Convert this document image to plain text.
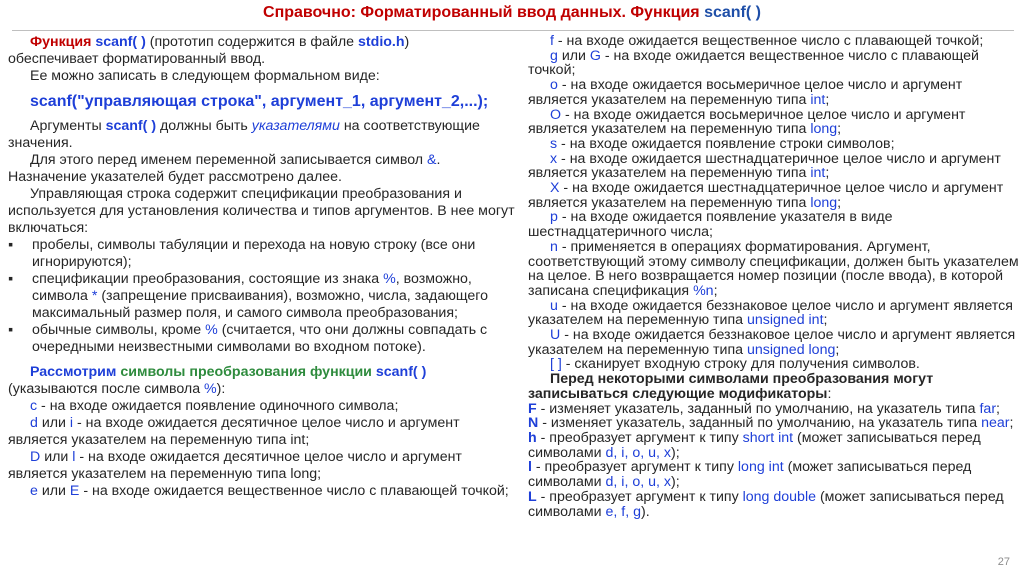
Справочно: Форматированный ввод данных. Функция scanf( )

Функция scanf( ) (прототип содержится в файле stdio.h)
обеспечивает форматированный ввод.

Ее можно записать в следующем формальном виде:

scanf("управляющая строка", аргумент_1, аргумент_2,...);

Аргументы scanf( ) должны быть указателями на соответствующие значения.

Для этого перед именем переменной записывается символ &.

Назначение указателей будет рассмотрено далее.

Управляющая строка содержит спецификации преобразования и используется для установления количества и типов аргументов. В нее могут включаться:

▪ пробелы, символы табуляции и перехода на новую строку (все они игнорируются);
▪ спецификации преобразования, состоящие из знака %, возможно, символа * (запрещение присваивания), возможно, числа, задающего максимальный размер поля, и самого символа преобразования;
▪ обычные символы, кроме % (считается, что они должны совпадать с очередными неизвестными символами во входном потоке).

Рассмотрим символы преобразования функции scanf( )

(указываются после символа %):

c - на входе ожидается появление одиночного символа;

d или i - на входе ожидается десятичное целое число и аргумент является указателем на переменную типа int;

D или l - на входе ожидается десятичное целое число и аргумент является указателем на переменную типа long;

e или E - на входе ожидается вещественное число с плавающей точкой;

f - на входе ожидается вещественное число с плавающей точкой;

g или G - на входе ожидается вещественное число с плавающей точкой;

o - на входе ожидается восьмеричное целое число и аргумент является указателем на переменную типа int;

O - на входе ожидается восьмеричное целое число и аргумент является указателем на переменную типа long;

s - на входе ожидается появление строки символов;

x - на входе ожидается шестнадцатеричное целое число и аргумент является указателем на переменную типа int;

X - на входе ожидается шестнадцатеричное целое число и аргумент является указателем на переменную типа long;

p - на входе ожидается появление указателя в виде шестнадцатеричного числа;

n - применяется в операциях форматирования. Аргумент, соответствующий этому символу спецификации, должен быть указателем на целое. В него возвращается номер позиции (после ввода), в которой записана спецификация %n;

u - на входе ожидается беззнаковое целое число и аргумент является указателем на переменную типа unsigned int;

U - на входе ожидается беззнаковое целое число и аргумент является указателем на переменную типа unsigned long;

[ ] - сканирует входную строку для получения символов.

Перед некоторыми символами преобразования могут записываться следующие модификаторы:

F - изменяет указатель, заданный по умолчанию, на указатель типа far;

N - изменяет указатель, заданный по умолчанию, на указатель типа near;

h - преобразует аргумент к типу short int (может записываться перед символами d, i, o, u, x);

l - преобразует аргумент к типу long int (может записываться перед символами d, i, o, u, x);

L - преобразует аргумент к типу long double (может записываться перед символами e, f, g).

27
